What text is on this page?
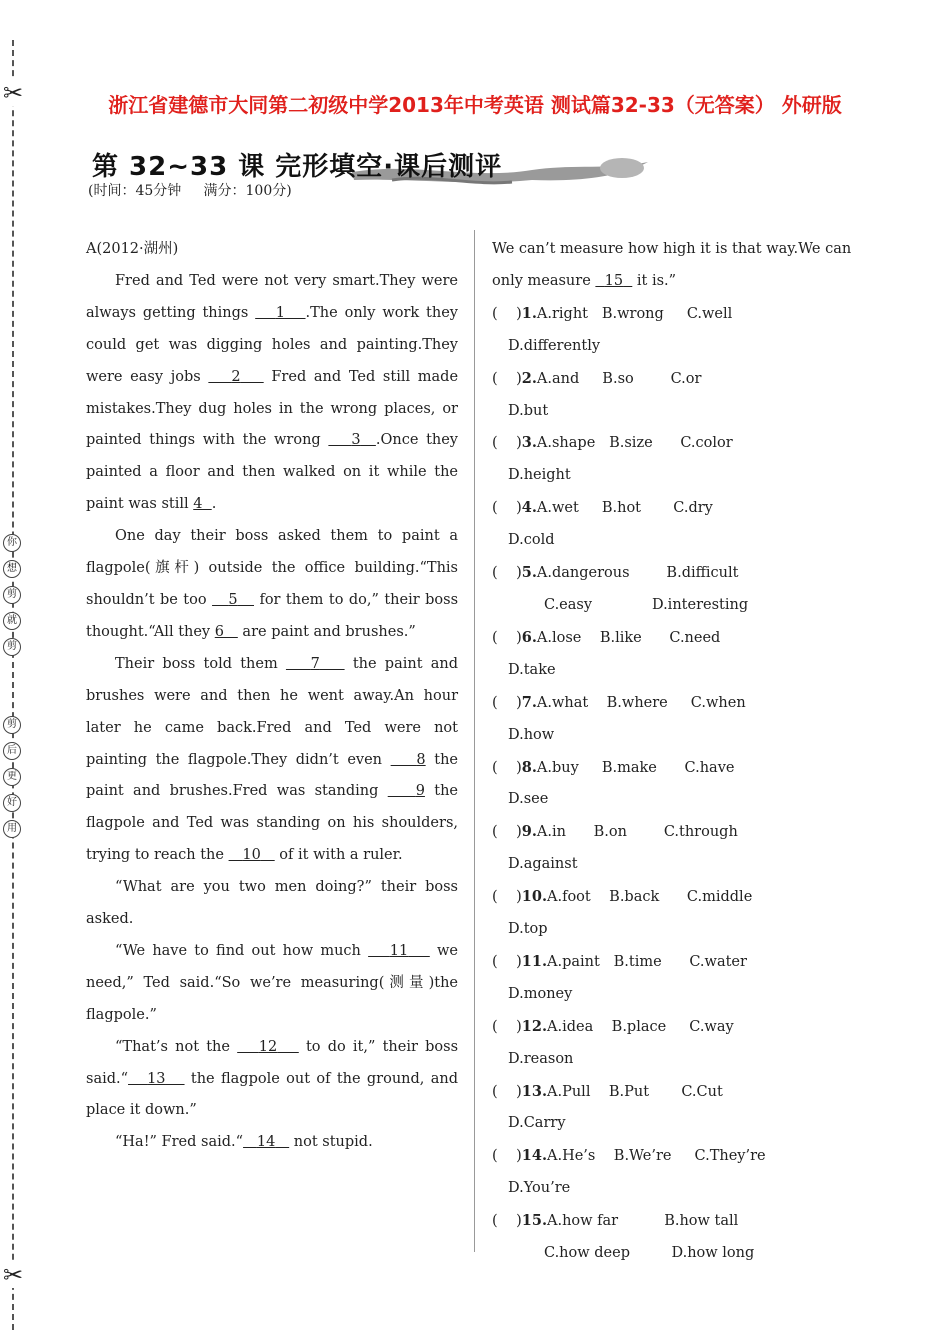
✂
✂
你
想
剪
就
剪
剪
后
更
好
用
浙江省建德市大同第二初级中学2013年中考英语 测试篇32-33（无答案） 外研版
第 32~33 课 完形填空·课后测评
(时间：45分钟     满分：100分)

A(2012·湖州)

Fred and Ted were not very smart.They were always getting things    1 .The only work they could get was digging holes and painting.They were easy jobs    2    Fred and Ted still made mistakes.They dug holes in the wrong places, or painted things with the wrong    3 .Once they painted a floor and then walked on it while the paint was still 4 .

One day their boss asked them to paint a flagpole(旗杆) outside the office building.“This shouldn’t be too    5    for them to do,” their boss thought.“All they 6    are paint and brushes.”

Their boss told them    7    the paint and brushes were and then he went away.An hour later he came back.Fred and Ted were not painting the flagpole.They didn’t even    8 the paint and brushes.Fred was standing    9 the flagpole and Ted was standing on his shoulders, trying to reach the    10    of it with a ruler.

“What are you two men doing?” their boss asked.

“We have to find out how much    11    we need,” Ted said.“So we’re measuring(测量)the flagpole.”

“That’s not the    12    to do it,” their boss said.“ 13    the flagpole out of the ground, and place it down.”

“Ha!” Fred said.“ 14    not stupid.

We can’t measure how high it is that way.We can only measure   15   it is.”

(    )1.A.right   B.wrong     C.well

D.differently

(    )2.A.and     B.so        C.or

D.but

(    )3.A.shape   B.size      C.color

D.height

(    )4.A.wet     B.hot       C.dry

D.cold

(    )5.A.dangerous        B.difficult

C.easy             D.interesting

(    )6.A.lose    B.like      C.need

D.take

(    )7.A.what    B.where     C.when

D.how

(    )8.A.buy     B.make      C.have

D.see

(    )9.A.in      B.on        C.through

D.against

(    )10.A.foot    B.back      C.middle

D.top

(    )11.A.paint   B.time      C.water

D.money

(    )12.A.idea    B.place     C.way

D.reason

(    )13.A.Pull    B.Put       C.Cut

D.Carry

(    )14.A.He’s    B.We’re     C.They’re

D.You’re

(    )15.A.how far          B.how tall

C.how deep         D.how long
